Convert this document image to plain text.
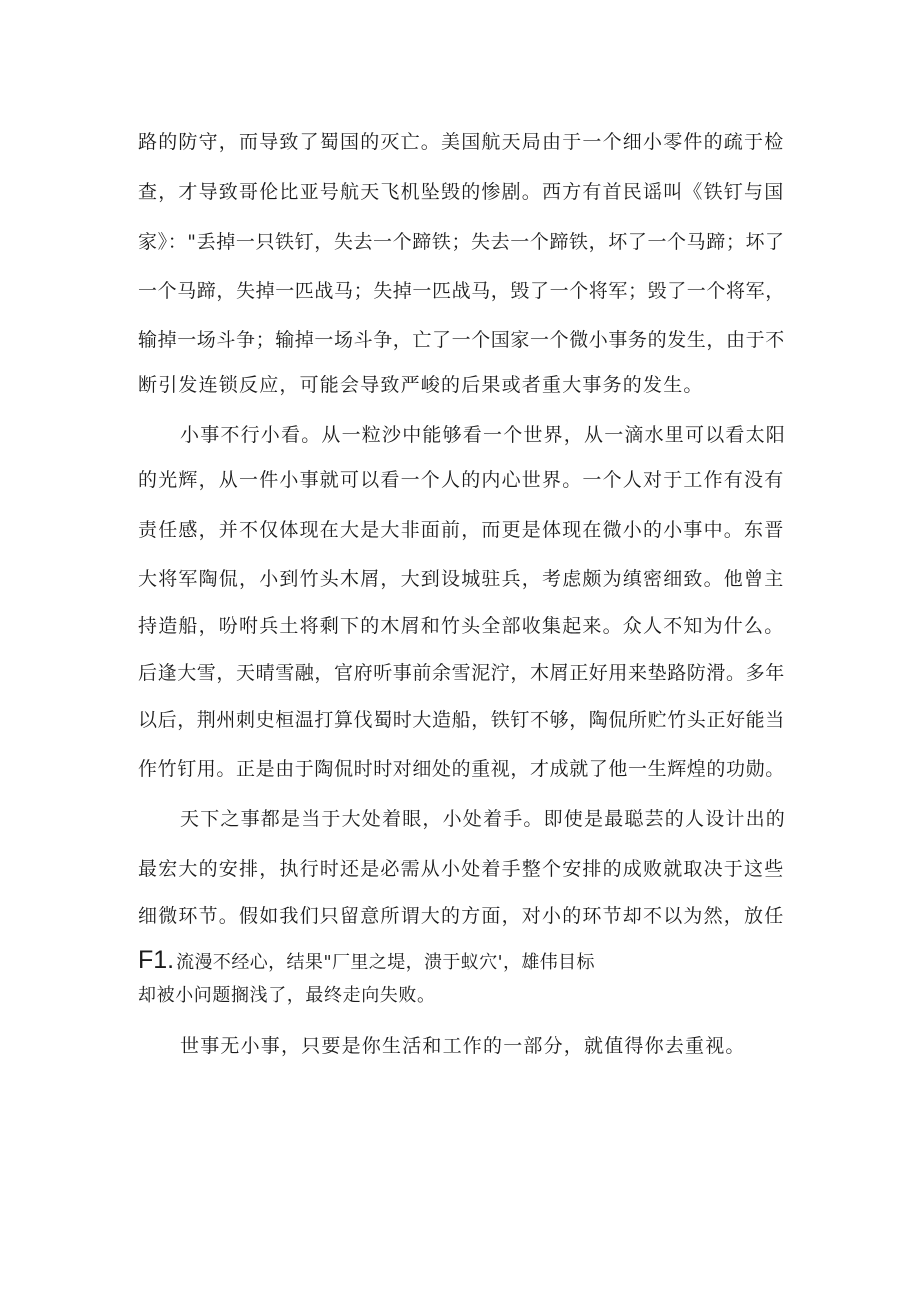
路的防守，而导致了蜀国的灭亡。美国航天局由于一个细小零件的疏于检
查，才导致哥伦比亚号航天飞机坠毁的惨剧。西方有首民谣叫《铁钉与国
家》："丢掉一只铁钉，失去一个蹄铁；失去一个蹄铁，坏了一个马蹄；坏了
一个马蹄，失掉一匹战马；失掉一匹战马，毁了一个将军；毁了一个将军，
输掉一场斗争；输掉一场斗争，亡了一个国家一个微小事务的发生，由于不
断引发连锁反应，可能会导致严峻的后果或者重大事务的发生。
小事不行小看。从一粒沙中能够看一个世界，从一滴水里可以看太阳
的光辉，从一件小事就可以看一个人的内心世界。一个人对于工作有没有
责任感，并不仅体现在大是大非面前，而更是体现在微小的小事中。东晋
大将军陶侃，小到竹头木屑，大到设城驻兵，考虑颇为缜密细致。他曾主
持造船，吩咐兵土将剩下的木屑和竹头全部收集起来。众人不知为什么。
后逢大雪，天晴雪融，官府听事前余雪泥泞，木屑正好用来垫路防滑。多年
以后，荆州刺史桓温打算伐蜀时大造船，铁钉不够，陶侃所贮竹头正好能当
作竹钉用。正是由于陶侃时时对细处的重视，才成就了他一生辉煌的功勋。
天下之事都是当于大处着眼，小处着手。即使是最聪芸的人设计出的
最宏大的安排，执行时还是必需从小处着手整个安排的成败就取决于这些
细微环节。假如我们只留意所谓大的方面，对小的环节却不以为然，放任
F1. 流漫不经心，结果"厂里之堤，溃于蚁穴'，雄伟目标
却被小问题搁浅了，最终走向失败。
世事无小事，只要是你生活和工作的一部分，就值得你去重视。
